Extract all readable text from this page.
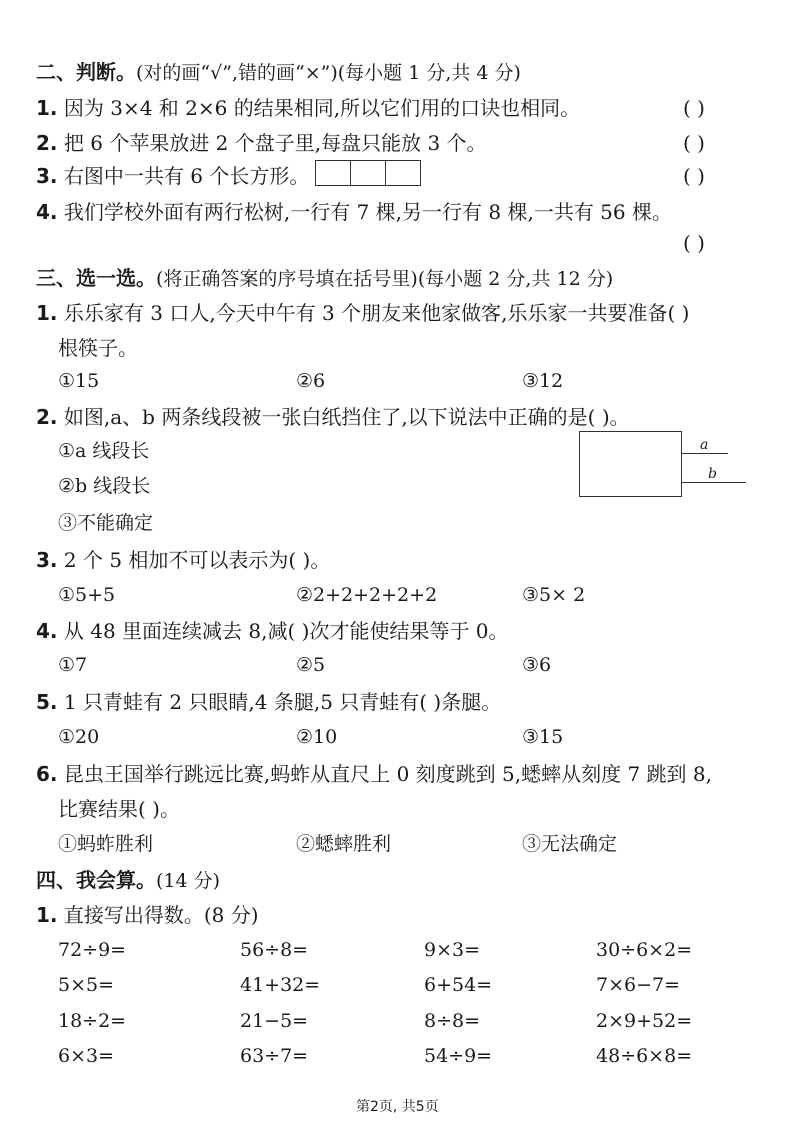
二、判断。(对的画“√”,错的画“×”)(每小题 1 分,共 4 分)
1. 因为 3×4 和 2×6 的结果相同,所以它们用的口诀也相同。	( )
2. 把 6 个苹果放进 2 个盘子里,每盘只能放 3 个。	( )
3. 右图中一共有 6 个长方形。	( )
4. 我们学校外面有两行松树,一行有 7 棵,另一行有 8 棵,一共有 56 棵。
( )
三、选一选。(将正确答案的序号填在括号里)(每小题 2 分,共 12 分)
1. 乐乐家有 3 口人,今天中午有 3 个朋友来他家做客,乐乐家一共要准备( )
根筷子。
①15	②6	③12
2. 如图,a、b 两条线段被一张白纸挡住了,以下说法中正确的是( )。
①a 线段长
②b 线段长
③不能确定
a
b
3. 2 个 5 相加不可以表示为( )。
①5+5	②2+2+2+2+2	③5× 2
4. 从 48 里面连续减去 8,减( )次才能使结果等于 0。
①7	②5	③6
5. 1 只青蛙有 2 只眼睛,4 条腿,5 只青蛙有( )条腿。
①20	②10	③15
6. 昆虫王国举行跳远比赛,蚂蚱从直尺上 0 刻度跳到 5,蟋蟀从刻度 7 跳到 8,
比赛结果( )。
①蚂蚱胜利	②蟋蟀胜利	③无法确定
四、我会算。(14 分)
1. 直接写出得数。(8 分)
72÷9=	56÷8=	9×3=	30÷6×2=
5×5=	41+32=	6+54=	7×6−7=
18÷2=	21−5=	8÷8=	2×9+52=
6×3=	63÷7=	54÷9=	48÷6×8=
第2页, 共5页
